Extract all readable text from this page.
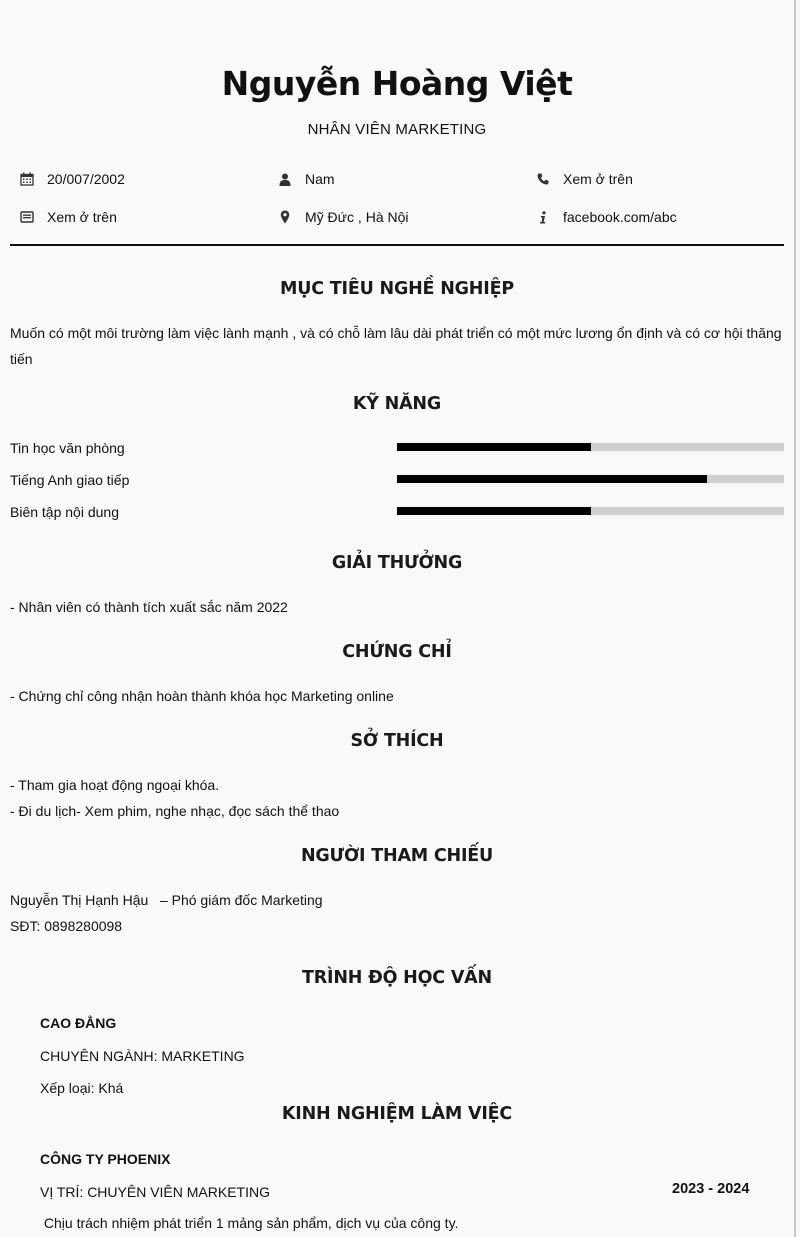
Nguyễn Hoàng Việt
NHÂN VIÊN MARKETING
20/007/2002	Nam	Xem ở trên
Xem ở trên	Mỹ Đức , Hà Nội	facebook.com/abc
MỤC TIÊU NGHỀ NGHIỆP
Muốn có một môi trường làm việc lành mạnh , và có chỗ làm lâu dài phát triển có một mức lương ổn định và có cơ hội thăng
tiến
KỸ NĂNG
Tin học văn phòng
Tiếng Anh giao tiếp
Biên tập nội dung
GIẢI THƯỞNG
- Nhân viên có thành tích xuất sắc năm 2022
CHỨNG CHỈ
- Chứng chỉ công nhận hoàn thành khóa học Marketing online
SỞ THÍCH
- Tham gia hoạt động ngoại khóa.
- Đi du lịch- Xem phim, nghe nhạc, đọc sách thể thao
NGƯỜI THAM CHIẾU
Nguyễn Thị Hạnh Hậu   – Phó giám đốc Marketing
SĐT: 0898280098
TRÌNH ĐỘ HỌC VẤN
CAO ĐẲNG
CHUYÊN NGÀNH: MARKETING
Xếp loại: Khá
KINH NGHIỆM LÀM VIỆC
CÔNG TY PHOENIX
VỊ TRÍ: CHUYÊN VIÊN MARKETING	2023 - 2024
Chịu trách nhiệm phát triển 1 mảng sản phẩm, dịch vụ của công ty.
